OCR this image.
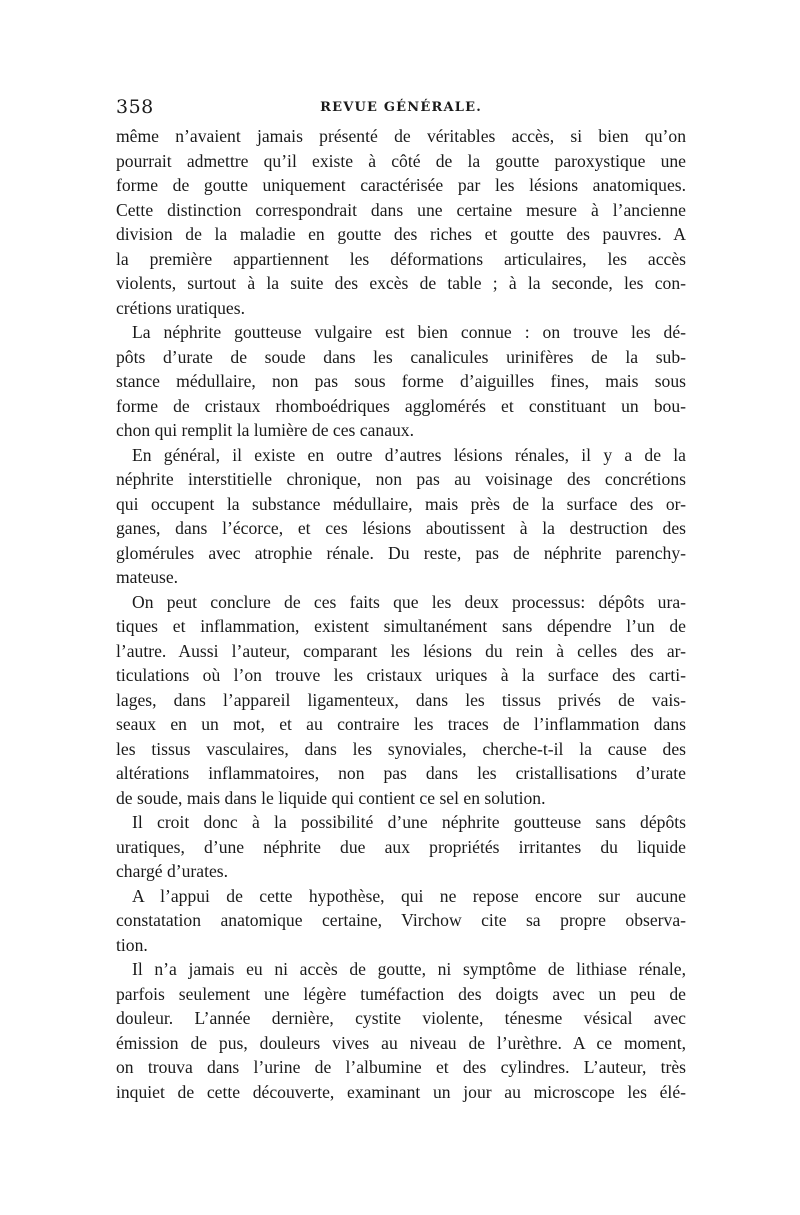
358	REVUE GÉNÉRALE.
même n’avaient jamais présenté de véritables accès, si bien qu’on
pourrait admettre qu’il existe à côté de la goutte paroxystique une
forme de goutte uniquement caractérisée par les lésions anatomiques.
Cette distinction correspondrait dans une certaine mesure à l’ancienne
division de la maladie en goutte des riches et goutte des pauvres. A
la première appartiennent les déformations articulaires, les accès
violents, surtout à la suite des excès de table ; à la seconde, les con-
crétions uratiques.
La néphrite goutteuse vulgaire est bien connue : on trouve les dé-
pôts d’urate de soude dans les canalicules urinifères de la sub-
stance médullaire, non pas sous forme d’aiguilles fines, mais sous
forme de cristaux rhomboédriques agglomérés et constituant un bou-
chon qui remplit la lumière de ces canaux.
En général, il existe en outre d’autres lésions rénales, il y a de la
néphrite interstitielle chronique, non pas au voisinage des concrétions
qui occupent la substance médullaire, mais près de la surface des or-
ganes, dans l’écorce, et ces lésions aboutissent à la destruction des
glomérules avec atrophie rénale. Du reste, pas de néphrite parenchy-
mateuse.
On peut conclure de ces faits que les deux processus: dépôts ura-
tiques et inflammation, existent simultanément sans dépendre l’un de
l’autre. Aussi l’auteur, comparant les lésions du rein à celles des ar-
ticulations où l’on trouve les cristaux uriques à la surface des carti-
lages, dans l’appareil ligamenteux, dans les tissus privés de vais-
seaux en un mot, et au contraire les traces de l’inflammation dans
les tissus vasculaires, dans les synoviales, cherche-t-il la cause des
altérations inflammatoires, non pas dans les cristallisations d’urate
de soude, mais dans le liquide qui contient ce sel en solution.
Il croit donc à la possibilité d’une néphrite goutteuse sans dépôts
uratiques, d’une néphrite due aux propriétés irritantes du liquide
chargé d’urates.
A l’appui de cette hypothèse, qui ne repose encore sur aucune
constatation anatomique certaine, Virchow cite sa propre observa-
tion.
Il n’a jamais eu ni accès de goutte, ni symptôme de lithiase rénale,
parfois seulement une légère tuméfaction des doigts avec un peu de
douleur. L’année dernière, cystite violente, ténesme vésical avec
émission de pus, douleurs vives au niveau de l’urèthre. A ce moment,
on trouva dans l’urine de l’albumine et des cylindres. L’auteur, très
inquiet de cette découverte, examinant un jour au microscope les élé-
